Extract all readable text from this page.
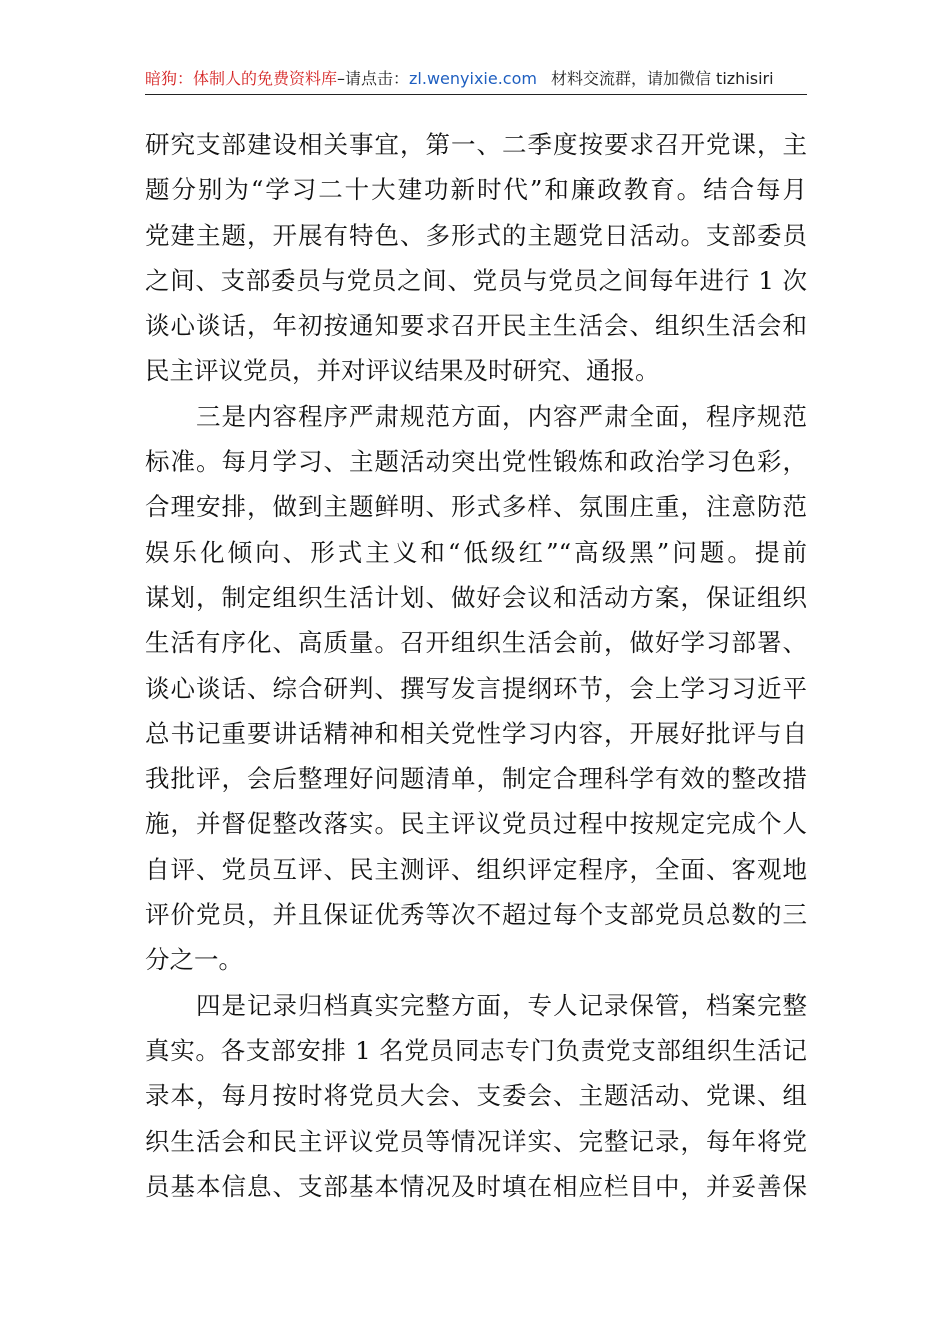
暗狗：体制人的免费资料库–请点击：zl.wenyixie.com 材料交流群，请加微信 tizhisiri
研究支部建设相关事宜，第一、二季度按要求召开党课，主
题分别为“学习二十大建功新时代”和廉政教育。结合每月
党建主题，开展有特色、多形式的主题党日活动。支部委员
之间、支部委员与党员之间、党员与党员之间每年进行 1 次
谈心谈话，年初按通知要求召开民主生活会、组织生活会和
民主评议党员，并对评议结果及时研究、通报。
　　三是内容程序严肃规范方面，内容严肃全面，程序规范
标准。每月学习、主题活动突出党性锻炼和政治学习色彩，
合理安排，做到主题鲜明、形式多样、氛围庄重，注意防范
娱乐化倾向、形式主义和“低级红”“高级黑”问题。提前
谋划，制定组织生活计划、做好会议和活动方案，保证组织
生活有序化、高质量。召开组织生活会前，做好学习部署、
谈心谈话、综合研判、撰写发言提纲环节，会上学习习近平
总书记重要讲话精神和相关党性学习内容，开展好批评与自
我批评，会后整理好问题清单，制定合理科学有效的整改措
施，并督促整改落实。民主评议党员过程中按规定完成个人
自评、党员互评、民主测评、组织评定程序，全面、客观地
评价党员，并且保证优秀等次不超过每个支部党员总数的三
分之一。
　　四是记录归档真实完整方面，专人记录保管，档案完整
真实。各支部安排 1 名党员同志专门负责党支部组织生活记
录本，每月按时将党员大会、支委会、主题活动、党课、组
织生活会和民主评议党员等情况详实、完整记录，每年将党
员基本信息、支部基本情况及时填在相应栏目中，并妥善保
